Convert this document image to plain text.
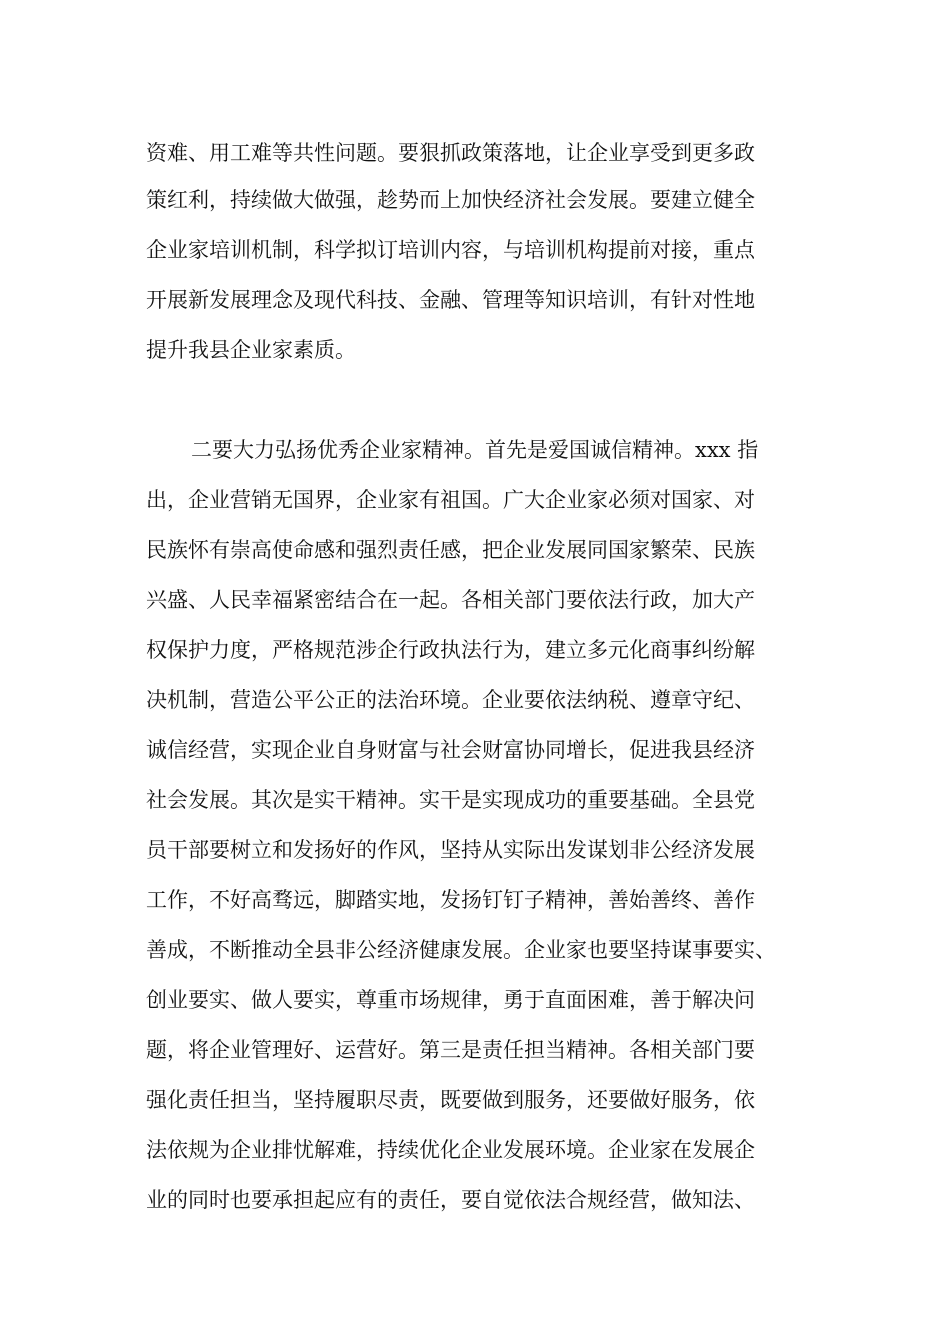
资难、用工难等共性问题。要狠抓政策落地，让企业享受到更多政
策红利，持续做大做强，趁势而上加快经济社会发展。要建立健全
企业家培训机制，科学拟订培训内容，与培训机构提前对接，重点
开展新发展理念及现代科技、金融、管理等知识培训，有针对性地
提升我县企业家素质。
二要大力弘扬优秀企业家精神。首先是爱国诚信精神。xxx 指
出，企业营销无国界，企业家有祖国。广大企业家必须对国家、对
民族怀有崇高使命感和强烈责任感，把企业发展同国家繁荣、民族
兴盛、人民幸福紧密结合在一起。各相关部门要依法行政，加大产
权保护力度，严格规范涉企行政执法行为，建立多元化商事纠纷解
决机制，营造公平公正的法治环境。企业要依法纳税、遵章守纪、
诚信经营，实现企业自身财富与社会财富协同增长，促进我县经济
社会发展。其次是实干精神。实干是实现成功的重要基础。全县党
员干部要树立和发扬好的作风，坚持从实际出发谋划非公经济发展
工作，不好高骛远，脚踏实地，发扬钉钉子精神，善始善终、善作
善成，不断推动全县非公经济健康发展。企业家也要坚持谋事要实、
创业要实、做人要实，尊重市场规律，勇于直面困难，善于解决问
题，将企业管理好、运营好。第三是责任担当精神。各相关部门要
强化责任担当，坚持履职尽责，既要做到服务，还要做好服务，依
法依规为企业排忧解难，持续优化企业发展环境。企业家在发展企
业的同时也要承担起应有的责任，要自觉依法合规经营，做知法、
